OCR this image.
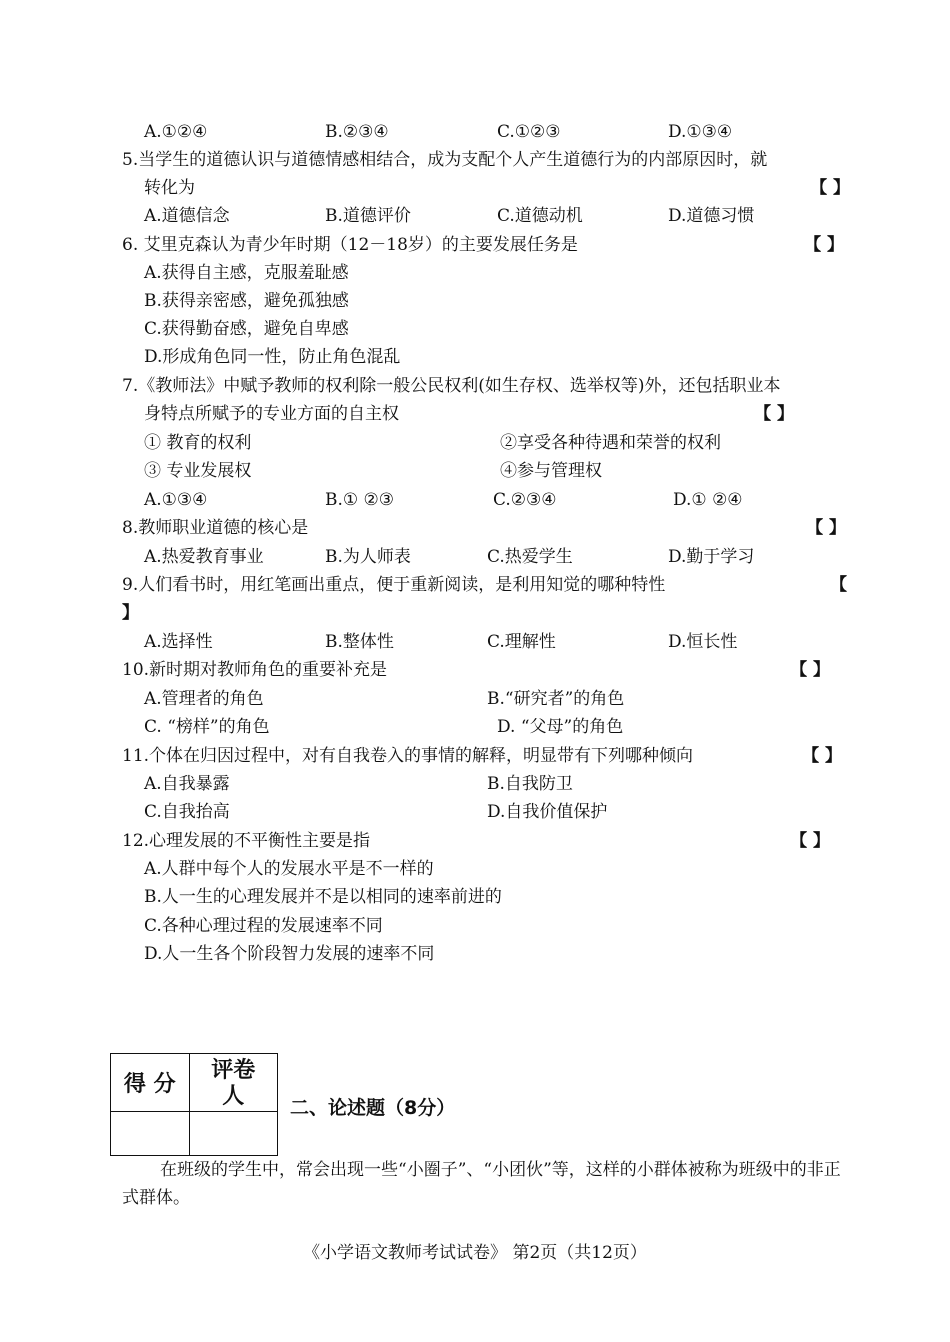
A.①②④	B.②③④	C.①②③	D.①③④
5.当学生的道德认识与道德情感相结合，成为支配个人产生道德行为的内部原因时，就
转化为	【 】
A.道德信念	B.道德评价	C.道德动机	D.道德习惯
6. 艾里克森认为青少年时期（12－18岁）的主要发展任务是	【 】
A.获得自主感，克服羞耻感
B.获得亲密感，避免孤独感
C.获得勤奋感，避免自卑感
D.形成角色同一性，防止角色混乱
7.《教师法》中赋予教师的权利除一般公民权利(如生存权、选举权等)外，还包括职业本
身特点所赋予的专业方面的自主权	【 】
① 教育的权利	②享受各种待遇和荣誉的权利
③ 专业发展权	④参与管理权
A.①③④	B.① ②③	C.②③④	D.① ②④
8.教师职业道德的核心是	【 】
A.热爱教育事业	B.为人师表	C.热爱学生	D.勤于学习
9.人们看书时，用红笔画出重点，便于重新阅读，是利用知觉的哪种特性	【
】
A.选择性	B.整体性	C.理解性	D.恒长性
10.新时期对教师角色的重要补充是	【 】
A.管理者的角色	B.“研究者”的角色
C. “榜样”的角色	D. “父母”的角色
11.个体在归因过程中，对有自我卷入的事情的解释，明显带有下列哪种倾向	【 】
A.自我暴露	B.自我防卫
C.自我抬高	D.自我价值保护
12.心理发展的不平衡性主要是指	【 】
A.人群中每个人的发展水平是不一样的
B.人一生的心理发展并不是以相同的速率前进的
C.各种心理过程的发展速率不同
D.人一生各个阶段智力发展的速率不同
得 分	评卷
人

		二、论述题（8分）
在班级的学生中，常会出现一些“小圈子”、“小团伙”等，这样的小群体被称为班级中的非正式群体。
《小学语文教师考试试卷》 第2页（共12页）
